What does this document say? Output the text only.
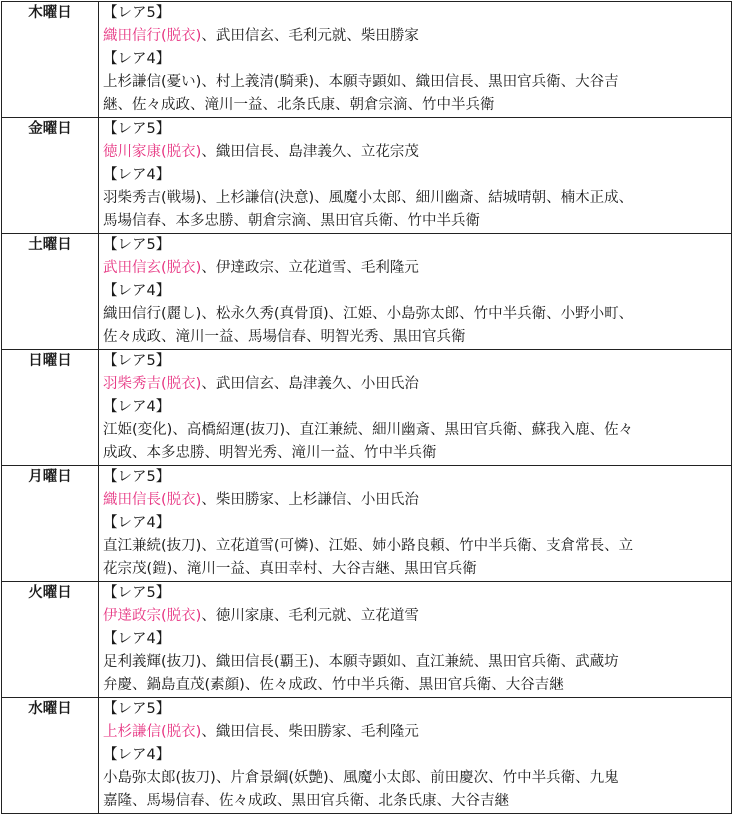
木曜日	【レア5】
織田信行(脱衣)、武田信玄、毛利元就、柴田勝家
【レア4】
上杉謙信(憂い)、村上義清(騎乗)、本願寺顕如、織田信長、黒田官兵衛、大谷吉
継、佐々成政、滝川一益、北条氏康、朝倉宗滴、竹中半兵衛

金曜日	【レア5】
徳川家康(脱衣)、織田信長、島津義久、立花宗茂
【レア4】
羽柴秀吉(戦場)、上杉謙信(決意)、風魔小太郎、細川幽斎、結城晴朝、楠木正成、
馬場信春、本多忠勝、朝倉宗滴、黒田官兵衛、竹中半兵衛

土曜日	【レア5】
武田信玄(脱衣)、伊達政宗、立花道雪、毛利隆元
【レア4】
織田信行(麗し)、松永久秀(真骨頂)、江姫、小島弥太郎、竹中半兵衛、小野小町、
佐々成政、滝川一益、馬場信春、明智光秀、黒田官兵衛

日曜日	【レア5】
羽柴秀吉(脱衣)、武田信玄、島津義久、小田氏治
【レア4】
江姫(変化)、高橋紹運(抜刀)、直江兼続、細川幽斎、黒田官兵衛、蘇我入鹿、佐々
成政、本多忠勝、明智光秀、滝川一益、竹中半兵衛

月曜日	【レア5】
織田信長(脱衣)、柴田勝家、上杉謙信、小田氏治
【レア4】
直江兼続(抜刀)、立花道雪(可憐)、江姫、姉小路良頼、竹中半兵衛、支倉常長、立
花宗茂(鎧)、滝川一益、真田幸村、大谷吉継、黒田官兵衛

火曜日	【レア5】
伊達政宗(脱衣)、徳川家康、毛利元就、立花道雪
【レア4】
足利義輝(抜刀)、織田信長(覇王)、本願寺顕如、直江兼続、黒田官兵衛、武蔵坊
弁慶、鍋島直茂(素顔)、佐々成政、竹中半兵衛、黒田官兵衛、大谷吉継

水曜日	【レア5】
上杉謙信(脱衣)、織田信長、柴田勝家、毛利隆元
【レア4】
小島弥太郎(抜刀)、片倉景綱(妖艶)、風魔小太郎、前田慶次、竹中半兵衛、九鬼
嘉隆、馬場信春、佐々成政、黒田官兵衛、北条氏康、大谷吉継
